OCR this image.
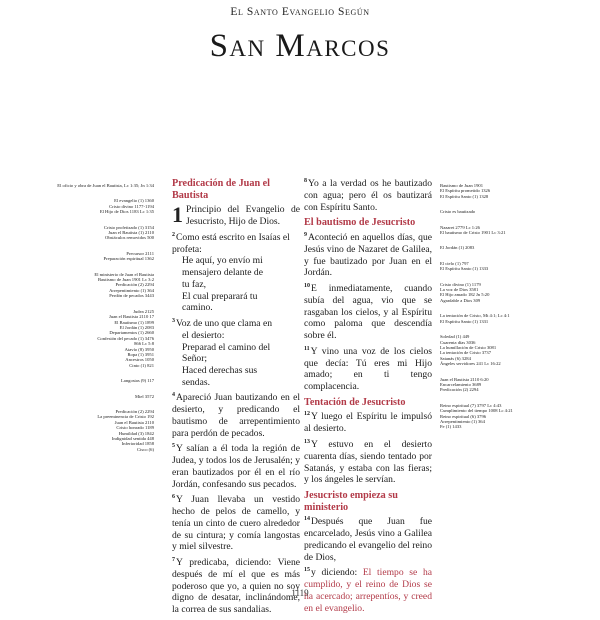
El Santo Evangelio Según
San Marcos
El oficio y obra de Juan el Bautista, Lc 1:35; Jn 1:34
El evangelio (1) 1360
Cristo divino 1177-1194
El Hijo de Dios 1183 Lc 1:35
Cristo profetizado (1) 3154
Juan el Bautista (1) 2110
Obstáculos removidos 500
Precursor 2111
Preparación espiritual 1362
El ministerio de Juan el Bautista
Bautismo de Juan 1901 Lc 3:2
Predicación (2) 2294
Arrepentimiento (1) 364
Perdón de pecados 3443
Judea 2125
Juan el Bautista 2110 17
El Bautismo (1) 1899
El Jordán (1) 2083
Departamentos (1) 2660
Confesión del pecado (1) 3476
866 Lc 5:8
Atavío (8) 3950
Ropa (1) 3951
Ancestros 1050
Cinto (1) 821
Langostas (9) 117
Miel 3572
Predicación (2) 2294
La preeminencia de Cristo 192
Juan el Bautista 2110
Cristo honrado 1189
Humildad (3) 1842
Indignidad sentida 448
Inferioridad 1858
Cisco (6)
Predicación de Juan el Bautista

1 Principio del Evangelio de Jesucristo, Hijo de Dios.

$^2$Como está escrito en Isaías el profeta:
He aquí, yo envío mi
mensajero delante de
tu faz,
El cual preparará tu
camino.
$^3$Voz de uno que clama en
el desierto:
Preparad el camino del
Señor;
Haced derechas sus
sendas.

$^4$Apareció Juan bautizando en el desierto, y predicando el bautismo de arrepentimiento para perdón de pecados.

$^5$Y salían a él toda la región de Judea, y todos los de Jerusalén; y eran bautizados por él en el río Jordán, confesando sus pecados.

$^6$Y Juan llevaba un vestido hecho de pelos de camello, y tenía un cinto de cuero alrededor de su cintura; y comía langostas y miel silvestre.

$^7$Y predicaba, diciendo: Viene después de mí el que es más poderoso que yo, a quien no soy digno de desatar, inclinándome, la correa de sus sandalias.

$^8$Yo a la verdad os he bautizado con agua; pero él os bautizará con Espíritu Santo.

El bautismo de Jesucristo

$^9$Aconteció en aquellos días, que Jesús vino de Nazaret de Galilea, y fue bautizado por Juan en el Jordán.

$^{10}$E inmediatamente, cuando subía del agua, vio que se rasgaban los cielos, y al Espíritu como paloma que descendía sobre él.

$^{11}$Y vino una voz de los cielos que decía: Tú eres mi Hijo amado; en ti tengo complacencia.

Tentación de Jesucristo

$^{12}$Y luego el Espíritu le impulsó al desierto.

$^{13}$Y estuvo en el desierto cuarenta días, siendo tentado por Satanás, y estaba con las fieras; y los ángeles le servían.

Jesucristo empieza su ministerio

$^{14}$Después que Juan fue encarcelado, Jesús vino a Galilea predicando el evangelio del reino de Dios,

$^{15}$y diciendo: El tiempo se ha cumplido, y el reino de Dios se ha acercado; arrepentíos, y creed en el evangelio.

Bautismo de Juan 1901
El Espíritu prometido 1326
El Espíritu Santo (1) 1328
Cristo es bautizado
Nazaret 2779 Lc 1:26
El bautismo de Cristo 1901 Lc 3:21
El Jordán (1) 2083
El cielo (1) 797
El Espíritu Santo (1) 1333
Cristo divino (1) 1179
La voz de Dios 3581
El Hijo amado 182 Jn 5:20
Agradable a Dios 309
La tentación de Cristo, Mt 4:1; Lc 4:1
El Espíritu Santo (1) 1331
Soledad (1) 449
Cuarenta días 3036
La humillación de Cristo 3081
La tentación de Cristo 3737
Satanás (6) 3284
Ángeles servidores 241 Lc 16:22
Juan el Bautista 2110 6:20
Encarcelamiento 3689
Predicación (2) 2294
Reino espiritual (7) 3797 Lc 4:43
Cumplimiento del tiempo 1008 Lc 4:21
Reino espiritual (6) 3796
Arrepentimiento (1) 364
Fe (1) 1433
1119
